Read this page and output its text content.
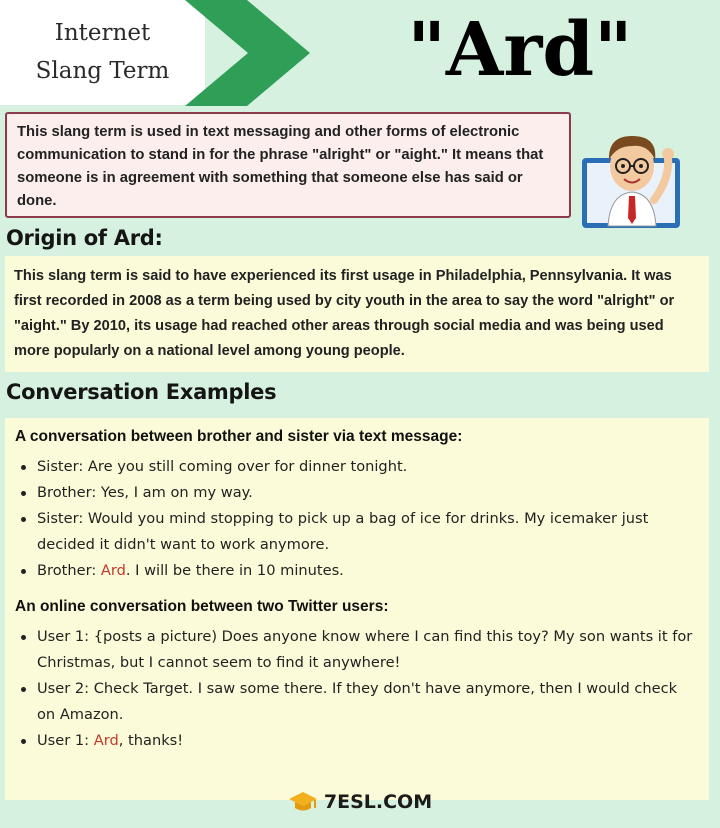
Internet
Slang Term	"Ard"

This slang term is used in text messaging and other forms of electronic communication to stand in for the phrase "alright" or "aight." It means that someone is in agreement with something that someone else has said or done.

Origin of Ard:

This slang term is said to have experienced its first usage in Philadelphia, Pennsylvania. It was first recorded in 2008 as a term being used by city youth in the area to say the word "alright" or "aight." By 2010, its usage had reached other areas through social media and was being used more popularly on a national level among young people.

Conversation Examples
A conversation between brother and sister via text message:
Sister: Are you still coming over for dinner tonight.
Brother: Yes, I am on my way.
Sister: Would you mind stopping to pick up a bag of ice for drinks. My icemaker just decided it didn't want to work anymore.
Brother: Ard. I will be there in 10 minutes.
An online conversation between two Twitter users:
User 1: {posts a picture) Does anyone know where I can find this toy? My son wants it for Christmas, but I cannot seem to find it anywhere!
User 2: Check Target. I saw some there. If they don't have anymore, then I would check on Amazon.
User 1: Ard, thanks!
7ESL.COM
